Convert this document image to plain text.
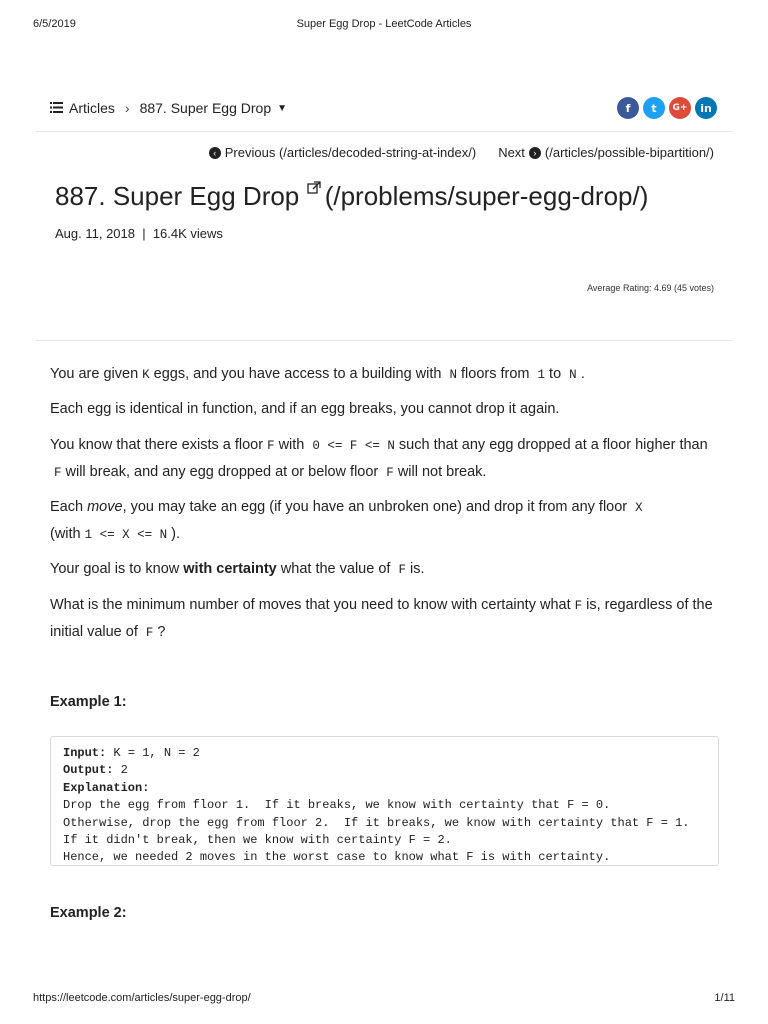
6/5/2019	Super Egg Drop - LeetCode Articles
Articles › 887. Super Egg Drop ▼	f	t	G+	in
‹ Previous (/articles/decoded-string-at-index/) Next › (/articles/possible-bipartition/)
887. Super Egg Drop (/problems/super-egg-drop/)
Aug. 11, 2018  |  16.4K views
Average Rating: 4.69 (45 votes)
You are given K eggs, and you have access to a building with N floors from 1 to N .
Each egg is identical in function, and if an egg breaks, you cannot drop it again.
You know that there exists a floor F with 0 <= F <= N such that any egg dropped at a floor higher than F will break, and any egg dropped at or below floor F will not break.
Each move, you may take an egg (if you have an unbroken one) and drop it from any floor X
(with 1 <= X <= N ).
Your goal is to know with certainty what the value of F is.
What is the minimum number of moves that you need to know with certainty what F is, regardless of the initial value of F ?
Example 1:
Input: K = 1, N = 2
Output: 2
Explanation:
Drop the egg from floor 1.  If it breaks, we know with certainty that F = 0.
Otherwise, drop the egg from floor 2.  If it breaks, we know with certainty that F = 1.
If it didn't break, then we know with certainty F = 2.
Hence, we needed 2 moves in the worst case to know what F is with certainty.
Example 2:
https://leetcode.com/articles/super-egg-drop/	1/11
